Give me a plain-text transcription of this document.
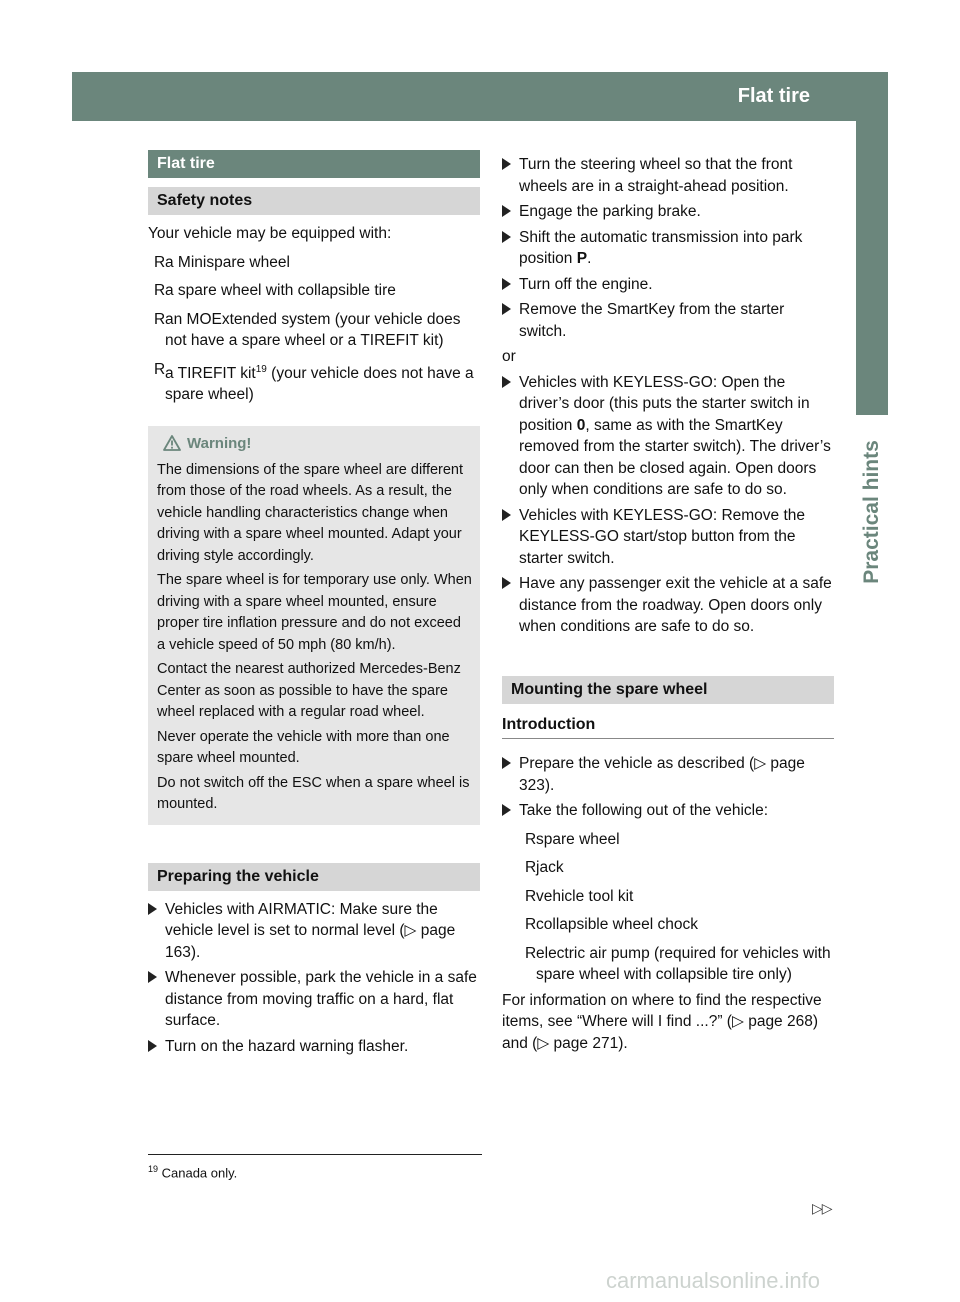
Flat tire	323
Practical hints
Flat tire
Safety notes

Your vehicle may be equipped with:

R a Minispare wheel
R a spare wheel with collapsible tire
R an MOExtended system (your vehicle does not have a spare wheel or a TIREFIT kit)
R a TIREFIT kit$^{19}$ (your vehicle does not have a spare wheel)
Warning!

The dimensions of the spare wheel are different from those of the road wheels. As a result, the vehicle handling characteristics change when driving with a spare wheel mounted. Adapt your driving style accordingly.

The spare wheel is for temporary use only. When driving with a spare wheel mounted, ensure proper tire inflation pressure and do not exceed a vehicle speed of 50 mph (80 km/h).

Contact the nearest authorized Mercedes-Benz Center as soon as possible to have the spare wheel replaced with a regular road wheel.

Never operate the vehicle with more than one spare wheel mounted.

Do not switch off the ESC when a spare wheel is mounted.

Preparing the vehicle
Vehicles with AIRMATIC: Make sure the vehicle level is set to normal level (▷ page 163).
Whenever possible, park the vehicle in a safe distance from moving traffic on a hard, flat surface.
Turn on the hazard warning flasher.
Turn the steering wheel so that the front wheels are in a straight-ahead position.
Engage the parking brake.
Shift the automatic transmission into park position P.
Turn off the engine.
Remove the SmartKey from the starter switch.

or

Vehicles with KEYLESS-GO: Open the driver’s door (this puts the starter switch in position 0, same as with the SmartKey removed from the starter switch). The driver’s door can then be closed again. Open doors only when conditions are safe to do so.
Vehicles with KEYLESS-GO: Remove the KEYLESS-GO start/stop button from the starter switch.
Have any passenger exit the vehicle at a safe distance from the roadway. Open doors only when conditions are safe to do so.
Mounting the spare wheel
Introduction
Prepare the vehicle as described (▷ page 323).
Take the following out of the vehicle:
R spare wheel
R jack
R vehicle tool kit
R collapsible wheel chock
R electric air pump (required for vehicles with spare wheel with collapsible tire only)

For information on where to find the respective items, see “Where will I find ...?” (▷ page 268) and (▷ page 271).

$^{19}$ Canada only.
▷▷
carmanualsonline.info
